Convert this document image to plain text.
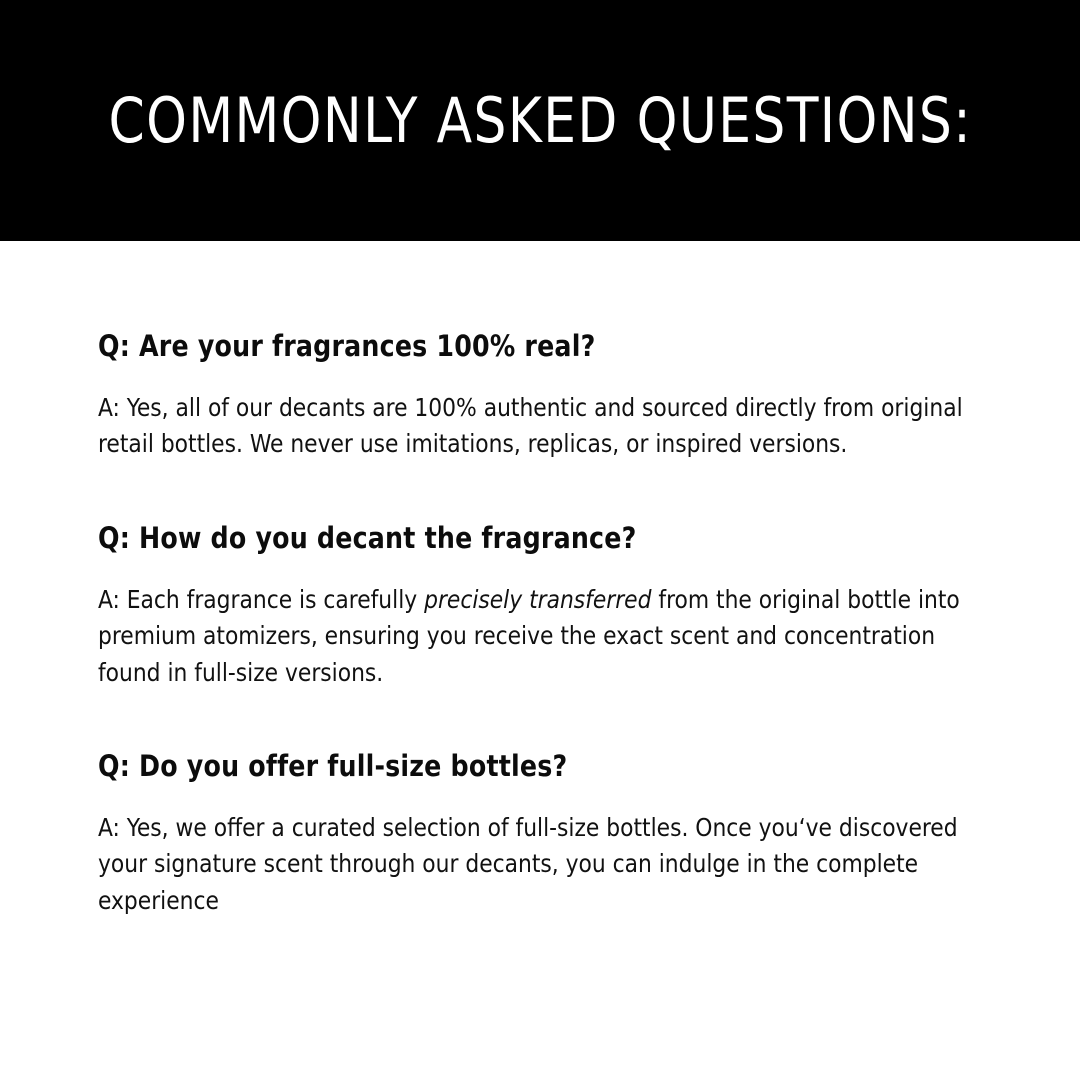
COMMONLY ASKED QUESTIONS:
Q: Are your fragrances 100% real?
A: Yes, all of our decants are 100% authentic and sourced directly from original retail bottles. We never use imitations, replicas, or inspired versions.
Q: How do you decant the fragrance?
A: Each fragrance is carefully precisely transferred from the original bottle into premium atomizers, ensuring you receive the exact scent and concentration found in full-size versions.
Q: Do you offer full-size bottles?
A: Yes, we offer a curated selection of full-size bottles. Once youʻve discovered your signature scent through our decants, you can indulge in the complete experience
